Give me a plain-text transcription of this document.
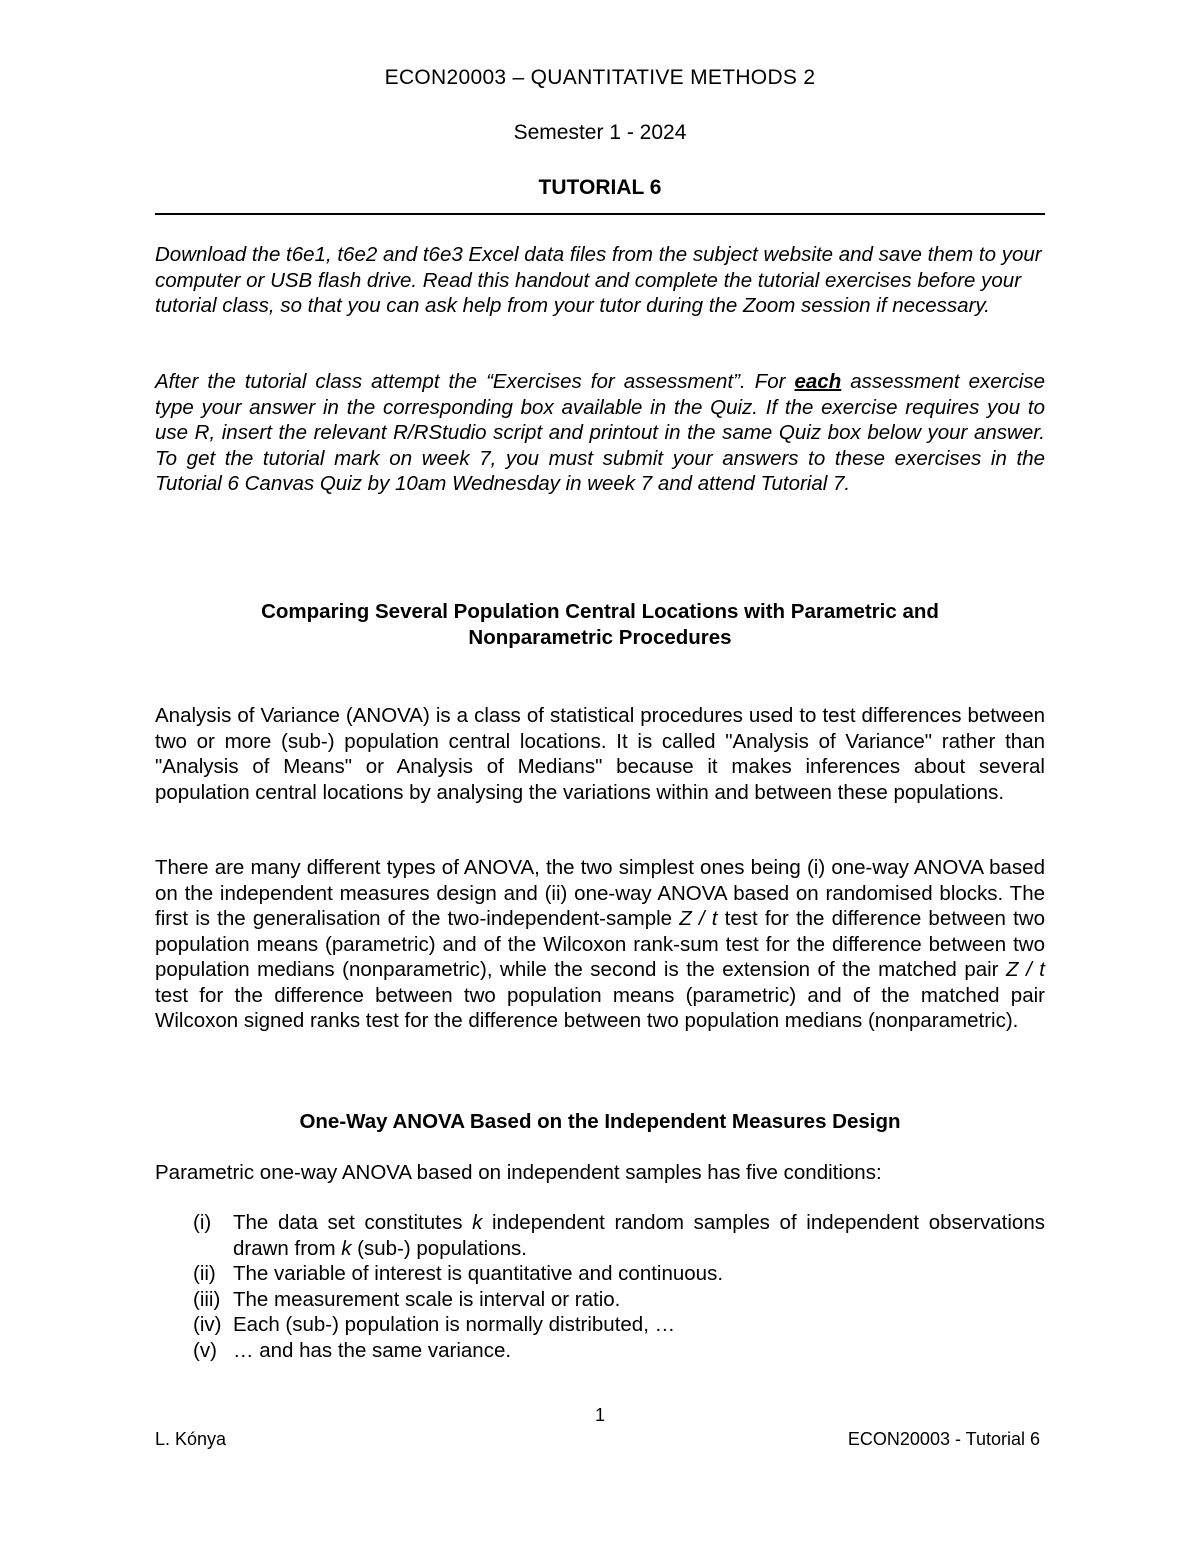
ECON20003 – QUANTITATIVE METHODS 2

Semester 1 - 2024

TUTORIAL 6

Download the t6e1, t6e2 and t6e3 Excel data files from the subject website and save them to your computer or USB flash drive. Read this handout and complete the tutorial exercises before your tutorial class, so that you can ask help from your tutor during the Zoom session if necessary.

After the tutorial class attempt the “Exercises for assessment”. For each assessment exercise type your answer in the corresponding box available in the Quiz. If the exercise requires you to use R, insert the relevant R/RStudio script and printout in the same Quiz box below your answer. To get the tutorial mark on week 7, you must submit your answers to these exercises in the Tutorial 6 Canvas Quiz by 10am Wednesday in week 7 and attend Tutorial 7.

Comparing Several Population Central Locations with Parametric and
Nonparametric Procedures

Analysis of Variance (ANOVA) is a class of statistical procedures used to test differences between two or more (sub-) population central locations. It is called "Analysis of Variance" rather than "Analysis of Means" or Analysis of Medians" because it makes inferences about several population central locations by analysing the variations within and between these populations.

There are many different types of ANOVA, the two simplest ones being (i) one-way ANOVA based on the independent measures design and (ii) one-way ANOVA based on randomised blocks. The first is the generalisation of the two-independent-sample Z / t test for the difference between two population means (parametric) and of the Wilcoxon rank-sum test for the difference between two population medians (nonparametric), while the second is the extension of the matched pair Z / t test for the difference between two population means (parametric) and of the matched pair Wilcoxon signed ranks test for the difference between two population medians (nonparametric).

One-Way ANOVA Based on the Independent Measures Design

Parametric one-way ANOVA based on independent samples has five conditions:

(i)	The data set constitutes k independent random samples of independent observations drawn from k (sub-) populations.
(ii) The variable of interest is quantitative and continuous.
(iii) The measurement scale is interval or ratio.
(iv) Each (sub-) population is normally distributed, …
(v) … and has the same variance.
1
L. Kónya	ECON20003 - Tutorial 6
